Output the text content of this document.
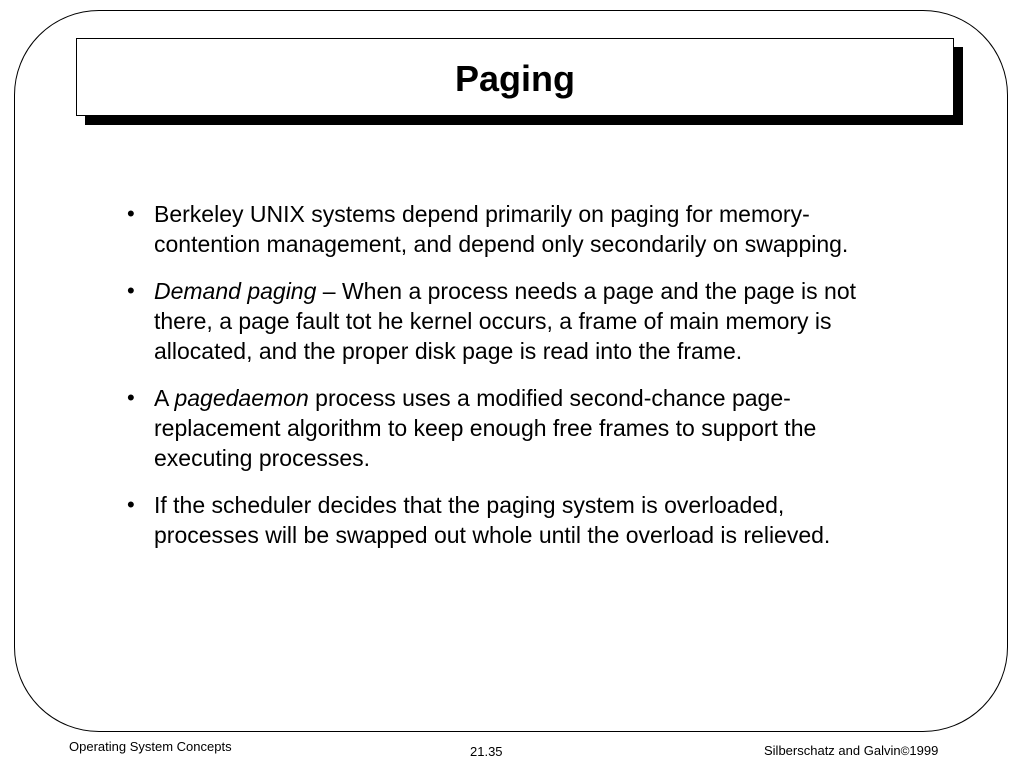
Paging
• Berkeley UNIX systems depend primarily on paging for memory-contention management, and depend only secondarily on swapping.
• Demand paging – When a process needs a page and the page is not there, a page fault tot he kernel occurs, a frame of main memory is allocated, and the proper disk page is read into the frame.
• A pagedaemon process uses a modified second-chance page-replacement algorithm to keep enough free frames to support the executing processes.
• If the scheduler decides that the paging system is overloaded, processes will be swapped out whole until the overload is relieved.
Operating System Concepts	21.35	Silberschatz and Galvin©1999
